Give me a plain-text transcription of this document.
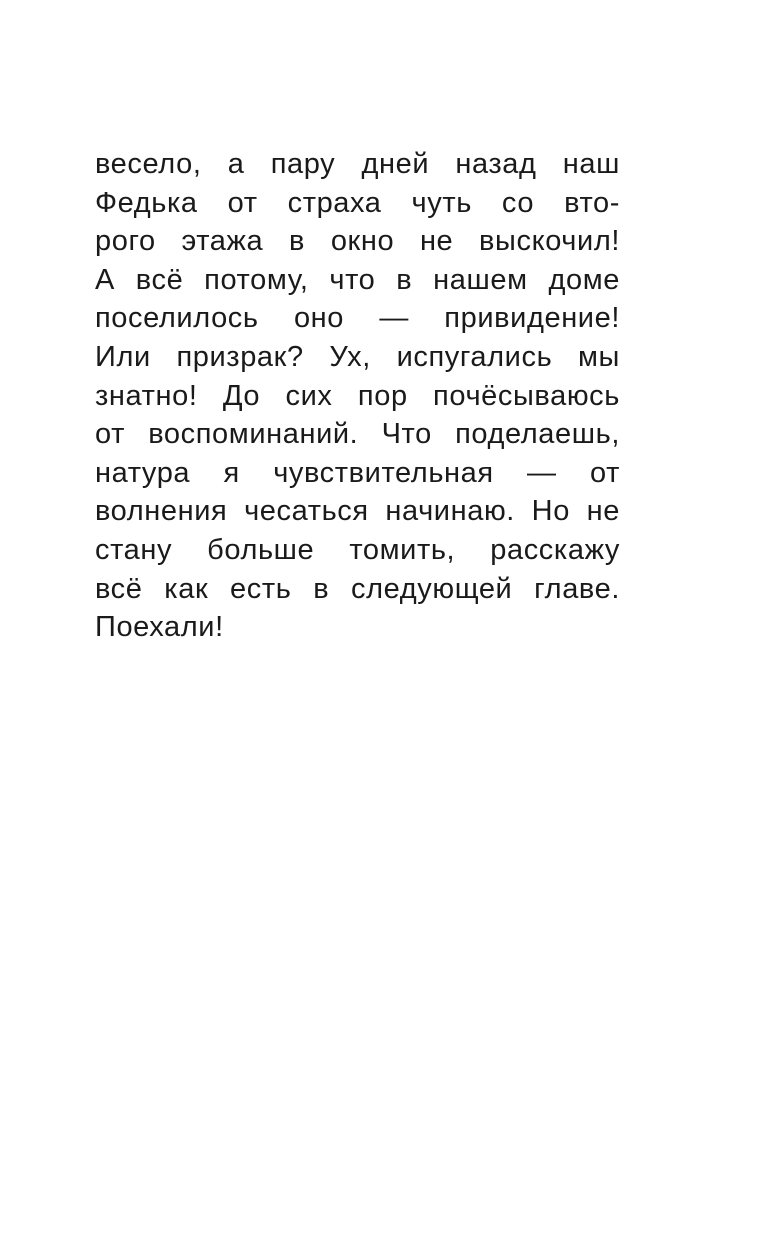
весело, а пару дней назад наш
Федька от страха чуть со вто-
рого этажа в окно не выскочил!
А всё потому, что в нашем доме
поселилось оно — привидение!
Или призрак? Ух, испугались мы
знатно! До сих пор почёсываюсь
от воспоминаний. Что поделаешь,
натура я чувствительная — от
волнения чесаться начинаю. Но не
стану больше томить, расскажу
всё как есть в следующей главе.
Поехали!
